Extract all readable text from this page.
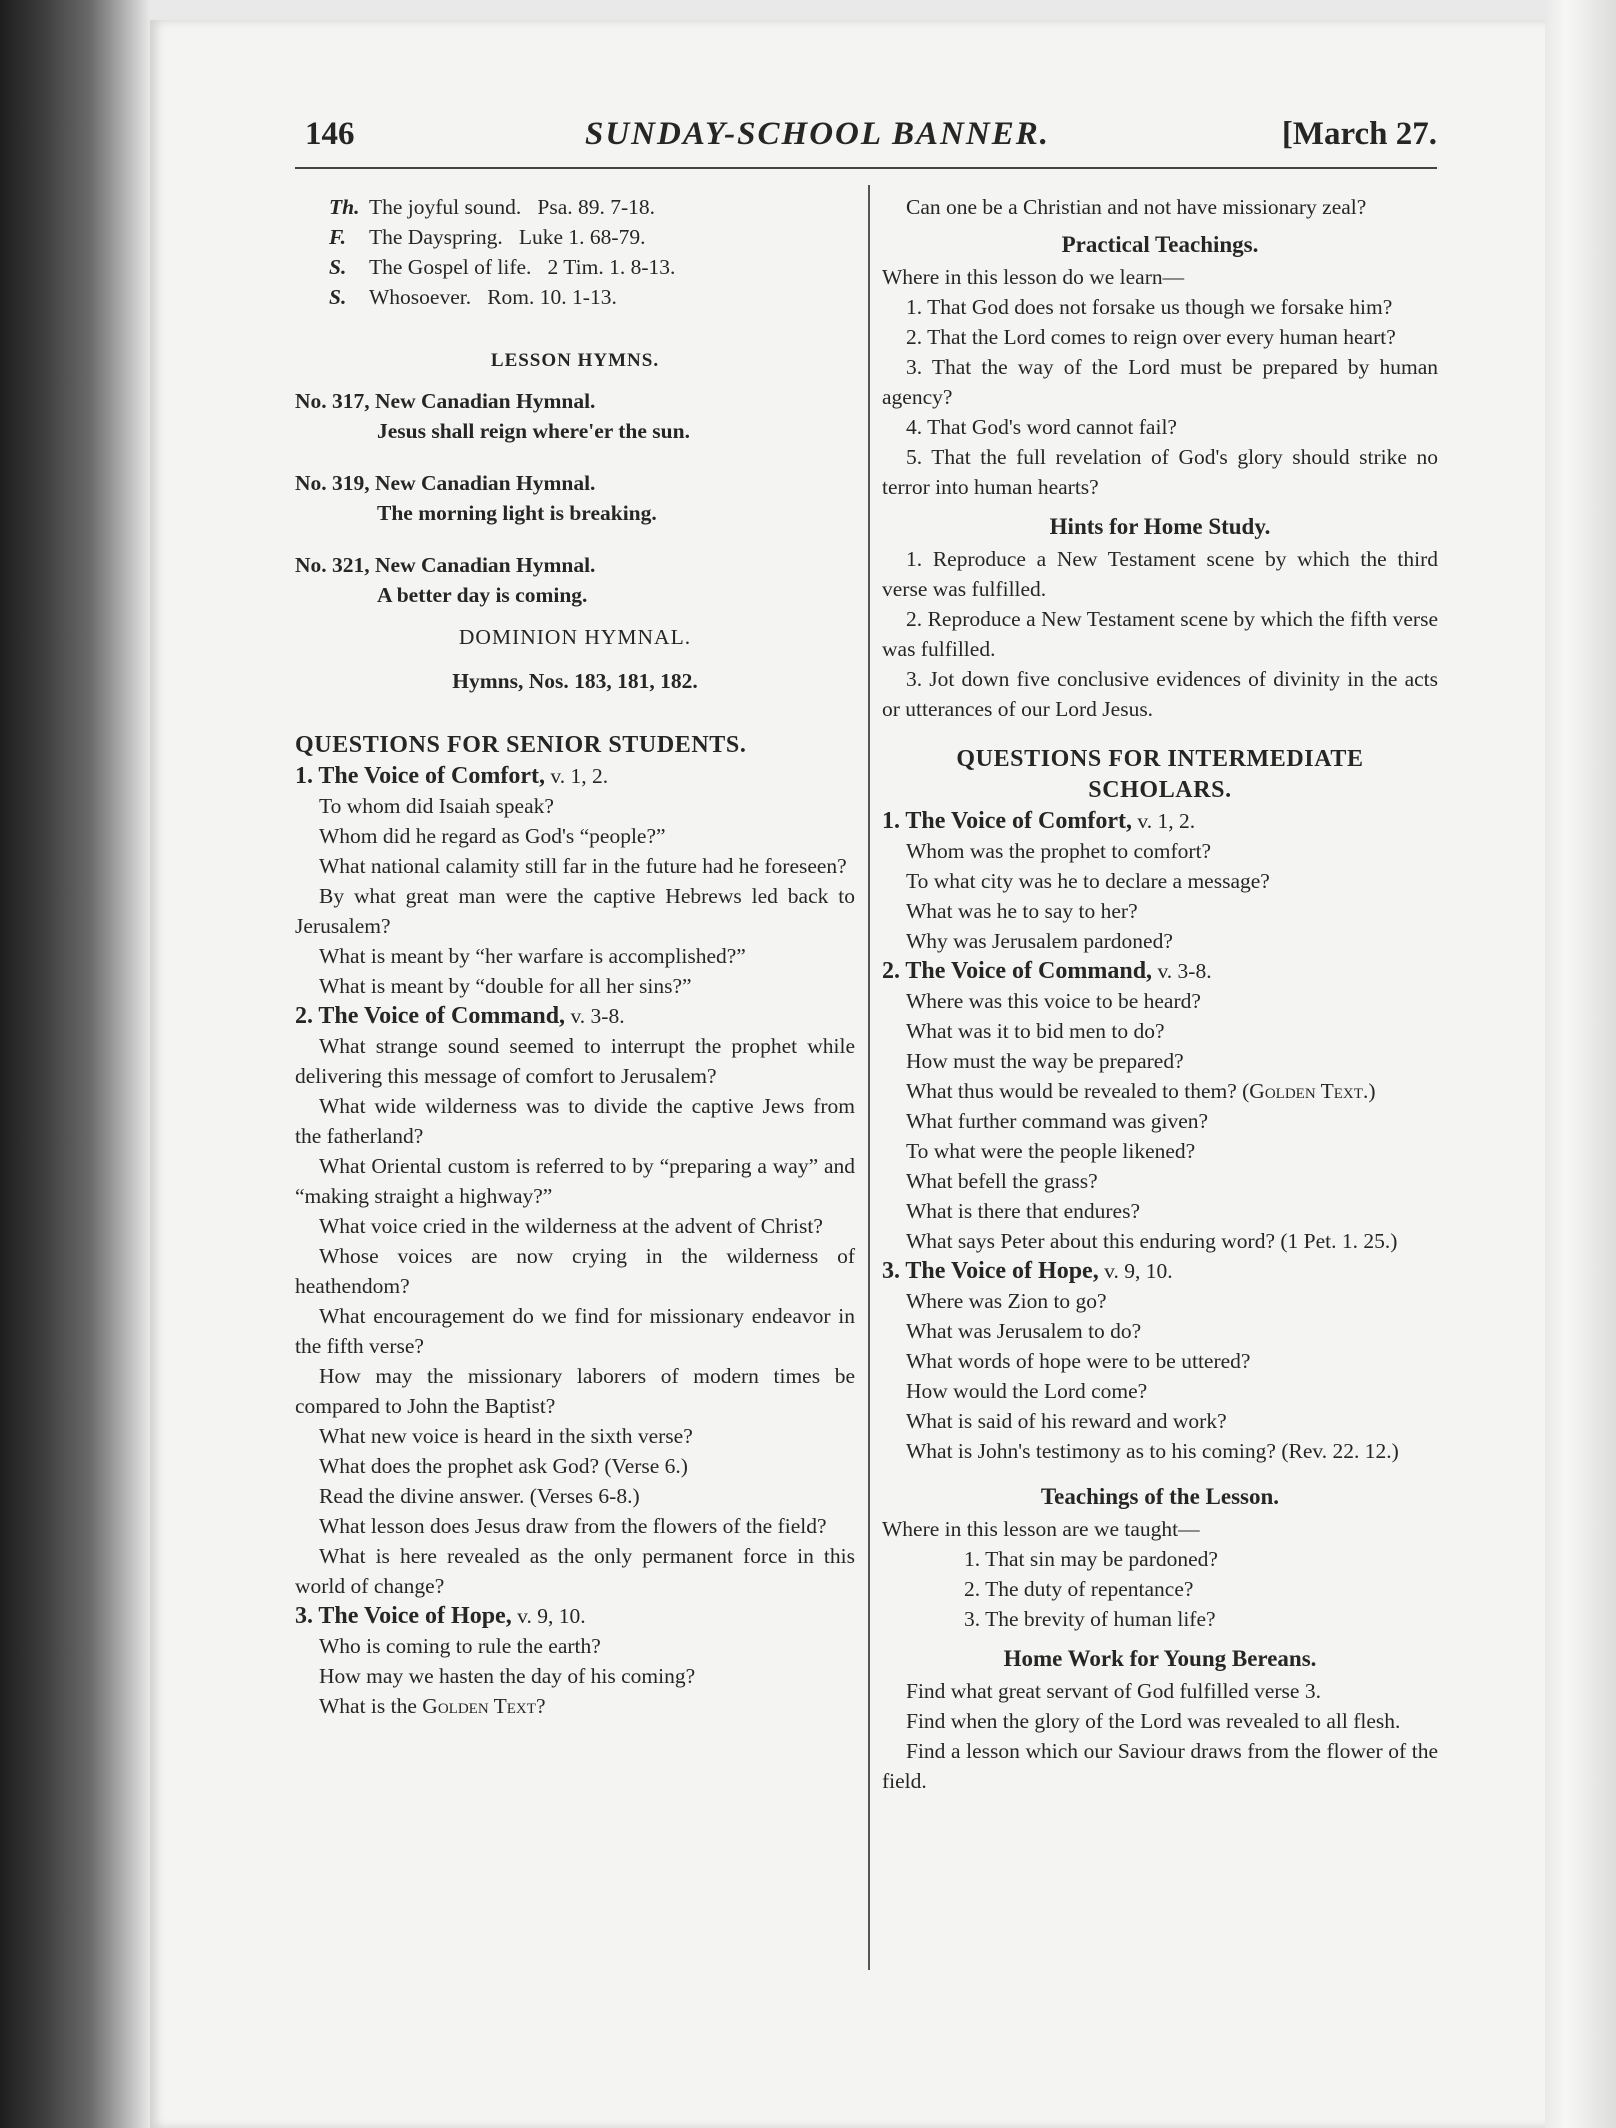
146	SUNDAY-SCHOOL BANNER.	[March 27.
Th. The joyful sound. Psa. 89. 7-18.
F. The Dayspring. Luke 1. 68-79.
S. The Gospel of life. 2 Tim. 1. 8-13.
S. Whosoever. Rom. 10. 1-13.
LESSON HYMNS.
No. 317, New Canadian Hymnal.
Jesus shall reign where'er the sun.
No. 319, New Canadian Hymnal.
The morning light is breaking.
No. 321, New Canadian Hymnal.
A better day is coming.
DOMINION HYMNAL.
Hymns, Nos. 183, 181, 182.
QUESTIONS FOR SENIOR STUDENTS.
1. The Voice of Comfort, v. 1, 2.
To whom did Isaiah speak?
Whom did he regard as God's “people?”
What national calamity still far in the future had he foreseen?
By what great man were the captive Hebrews led back to Jerusalem?
What is meant by “her warfare is accomplished?”
What is meant by “double for all her sins?”
2. The Voice of Command, v. 3-8.
What strange sound seemed to interrupt the prophet while delivering this message of comfort to Jerusalem?
What wide wilderness was to divide the captive Jews from the fatherland?
What Oriental custom is referred to by “preparing a way” and “making straight a highway?”
What voice cried in the wilderness at the advent of Christ?
Whose voices are now crying in the wilderness of heathendom?
What encouragement do we find for missionary endeavor in the fifth verse?
How may the missionary laborers of modern times be compared to John the Baptist?
What new voice is heard in the sixth verse?
What does the prophet ask God? (Verse 6.)
Read the divine answer. (Verses 6-8.)
What lesson does Jesus draw from the flowers of the field?
What is here revealed as the only permanent force in this world of change?
3. The Voice of Hope, v. 9, 10.
Who is coming to rule the earth?
How may we hasten the day of his coming?
What is the Golden Text?
Can one be a Christian and not have missionary zeal?
Practical Teachings.
Where in this lesson do we learn—
1. That God does not forsake us though we forsake him?
2. That the Lord comes to reign over every human heart?
3. That the way of the Lord must be prepared by human agency?
4. That God's word cannot fail?
5. That the full revelation of God's glory should strike no terror into human hearts?
Hints for Home Study.
1. Reproduce a New Testament scene by which the third verse was fulfilled.
2. Reproduce a New Testament scene by which the fifth verse was fulfilled.
3. Jot down five conclusive evidences of divinity in the acts or utterances of our Lord Jesus.
QUESTIONS FOR INTERMEDIATE
SCHOLARS.
1. The Voice of Comfort, v. 1, 2.
Whom was the prophet to comfort?
To what city was he to declare a message?
What was he to say to her?
Why was Jerusalem pardoned?
2. The Voice of Command, v. 3-8.
Where was this voice to be heard?
What was it to bid men to do?
How must the way be prepared?
What thus would be revealed to them? (Golden Text.)
What further command was given?
To what were the people likened?
What befell the grass?
What is there that endures?
What says Peter about this enduring word? (1 Pet. 1. 25.)
3. The Voice of Hope, v. 9, 10.
Where was Zion to go?
What was Jerusalem to do?
What words of hope were to be uttered?
How would the Lord come?
What is said of his reward and work?
What is John's testimony as to his coming? (Rev. 22. 12.)
Teachings of the Lesson.
Where in this lesson are we taught—
1. That sin may be pardoned?
2. The duty of repentance?
3. The brevity of human life?
Home Work for Young Bereans.
Find what great servant of God fulfilled verse 3.
Find when the glory of the Lord was revealed to all flesh.
Find a lesson which our Saviour draws from the flower of the field.
